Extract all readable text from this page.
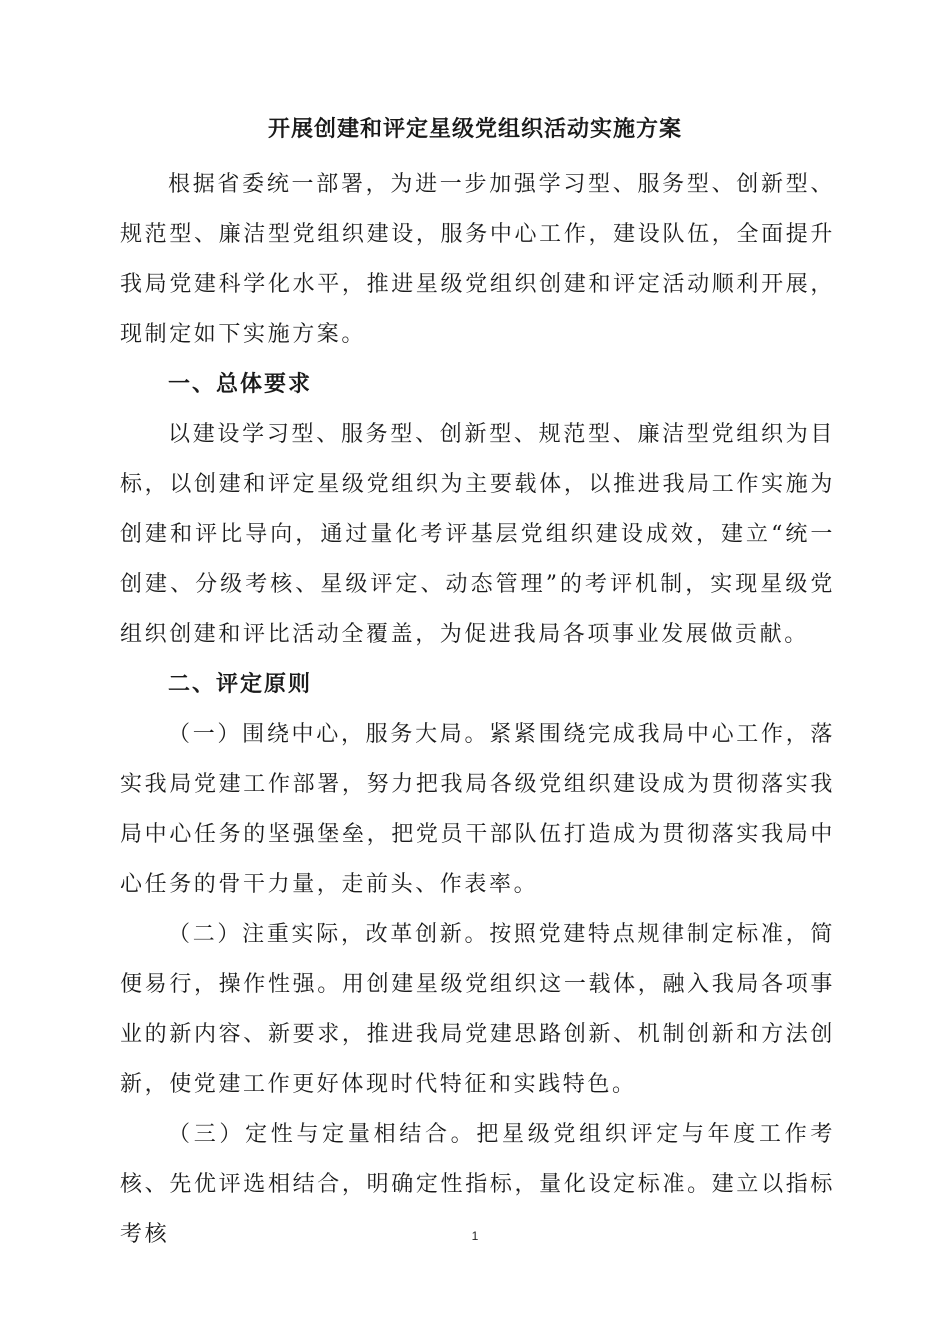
开展创建和评定星级党组织活动实施方案

根据省委统一部署，为进一步加强学习型、服务型、创新型、规范型、廉洁型党组织建设，服务中心工作，建设队伍，全面提升我局党建科学化水平，推进星级党组织创建和评定活动顺利开展，现制定如下实施方案。

一、总体要求

以建设学习型、服务型、创新型、规范型、廉洁型党组织为目标，以创建和评定星级党组织为主要载体，以推进我局工作实施为创建和评比导向，通过量化考评基层党组织建设成效，建立“统一创建、分级考核、星级评定、动态管理”的考评机制，实现星级党组织创建和评比活动全覆盖，为促进我局各项事业发展做贡献。

二、评定原则

（一）围绕中心，服务大局。紧紧围绕完成我局中心工作，落实我局党建工作部署，努力把我局各级党组织建设成为贯彻落实我局中心任务的坚强堡垒，把党员干部队伍打造成为贯彻落实我局中心任务的骨干力量，走前头、作表率。

（二）注重实际，改革创新。按照党建特点规律制定标准，简便易行，操作性强。用创建星级党组织这一载体，融入我局各项事业的新内容、新要求，推进我局党建思路创新、机制创新和方法创新，使党建工作更好体现时代特征和实践特色。

（三）定性与定量相结合。把星级党组织评定与年度工作考核、先优评选相结合，明确定性指标，量化设定标准。建立以指标考核	1
